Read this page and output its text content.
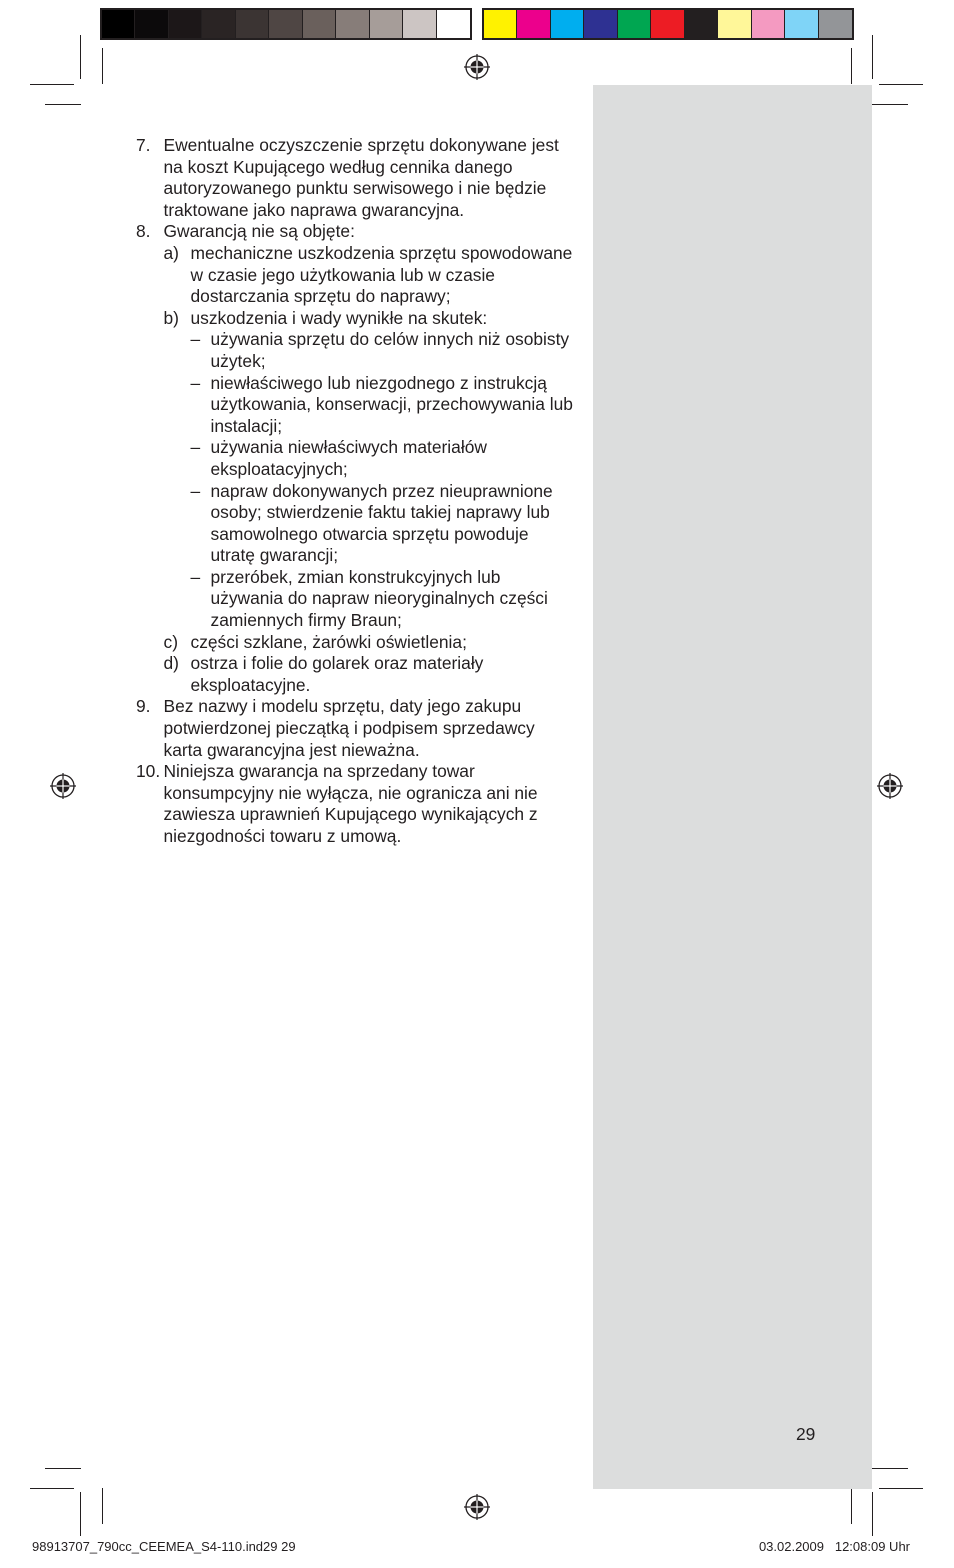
7. Ewentualne oczyszczenie sprzętu dokonywane jest na koszt Kupującego według cennika danego autoryzowanego punktu serwisowego i nie będzie traktowane jako naprawa gwarancyjna.
8. Gwarancją nie są objęte:
a) mechaniczne uszkodzenia sprzętu spowodowane w czasie jego użytkowania lub w czasie dostarczania sprzętu do naprawy;
b) uszkodzenia i wady wynikłe na skutek:
– używania sprzętu do celów innych niż osobisty użytek;
– niewłaściwego lub niezgodnego z instrukcją użytkowania, konserwacji, przechowywania lub instalacji;
– używania niewłaściwych materiałów eksploatacyjnych;
– napraw dokonywanych przez nieuprawnione osoby; stwierdzenie faktu takiej naprawy lub samowolnego otwarcia sprzętu powoduje utratę gwarancji;
– przeróbek, zmian konstrukcyjnych lub używania do napraw nieoryginalnych części zamiennych firmy Braun;
c) części szklane, żarówki oświetlenia;
d) ostrza i folie do golarek oraz materiały eksploatacyjne.
9. Bez nazwy i modelu sprzętu, daty jego zakupu potwierdzonej pieczątką i podpisem sprzedawcy karta gwarancyjna jest nieważna.
10. Niniejsza gwarancja na sprzedany towar konsumpcyjny nie wyłącza, nie ogranicza ani nie zawiesza uprawnień Kupującego wynikających z niezgodności towaru z umową.
29
98913707_790cc_CEEMEA_S4-110.ind29 29	03.02.2009   12:08:09 Uhr
